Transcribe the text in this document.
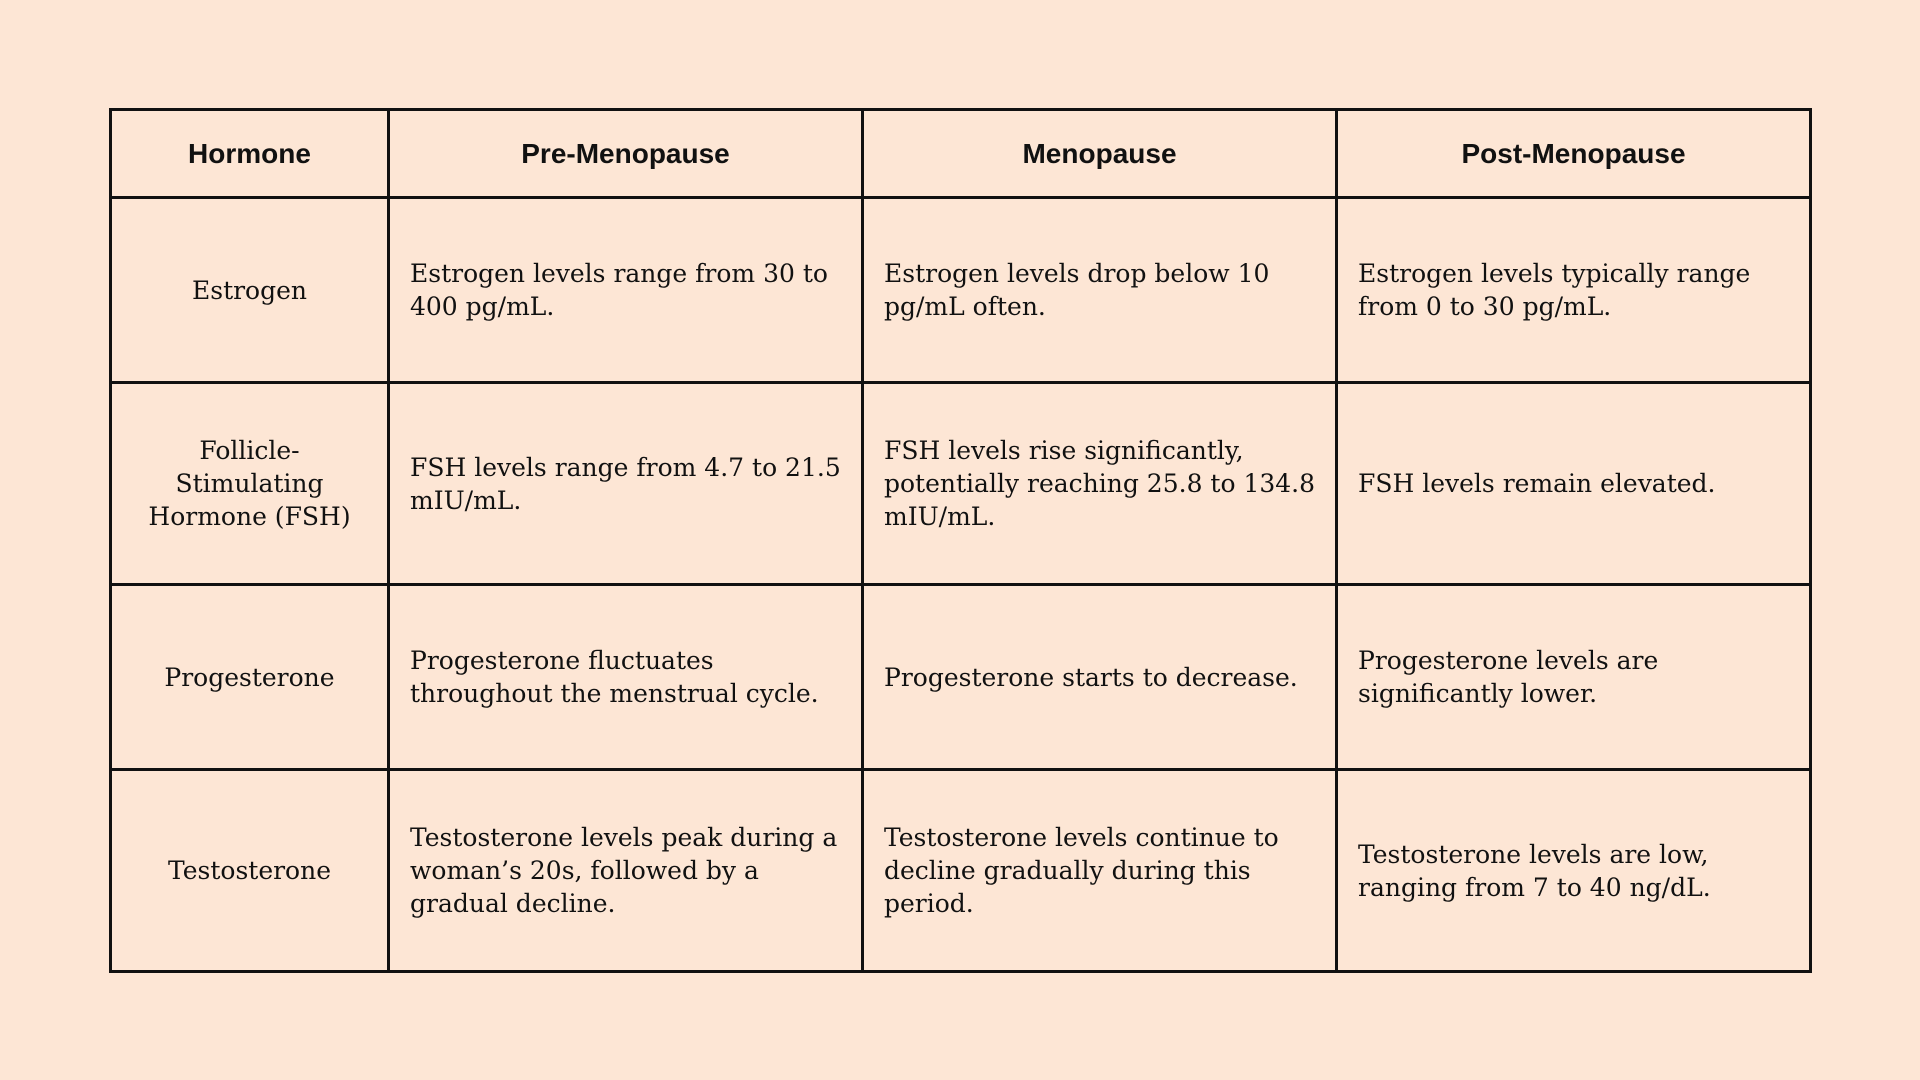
Hormone	Pre-Menopause	Menopause	Post-Menopause
Estrogen	Estrogen levels range from 30 to 400 pg/mL.	Estrogen levels drop below 10 pg/mL often.	Estrogen levels typically range from 0 to 30 pg/mL.
Follicle-Stimulating Hormone (FSH)	FSH levels range from 4.7 to 21.5 mIU/mL.	FSH levels rise significantly, potentially reaching 25.8 to 134.8 mIU/mL.	FSH levels remain elevated.
Progesterone	Progesterone fluctuates throughout the menstrual cycle.	Progesterone starts to decrease.	Progesterone levels are significantly lower.
Testosterone	Testosterone levels peak during a woman’s 20s, followed by a gradual decline.	Testosterone levels continue to decline gradually during this period.	Testosterone levels are low, ranging from 7 to 40 ng/dL.
